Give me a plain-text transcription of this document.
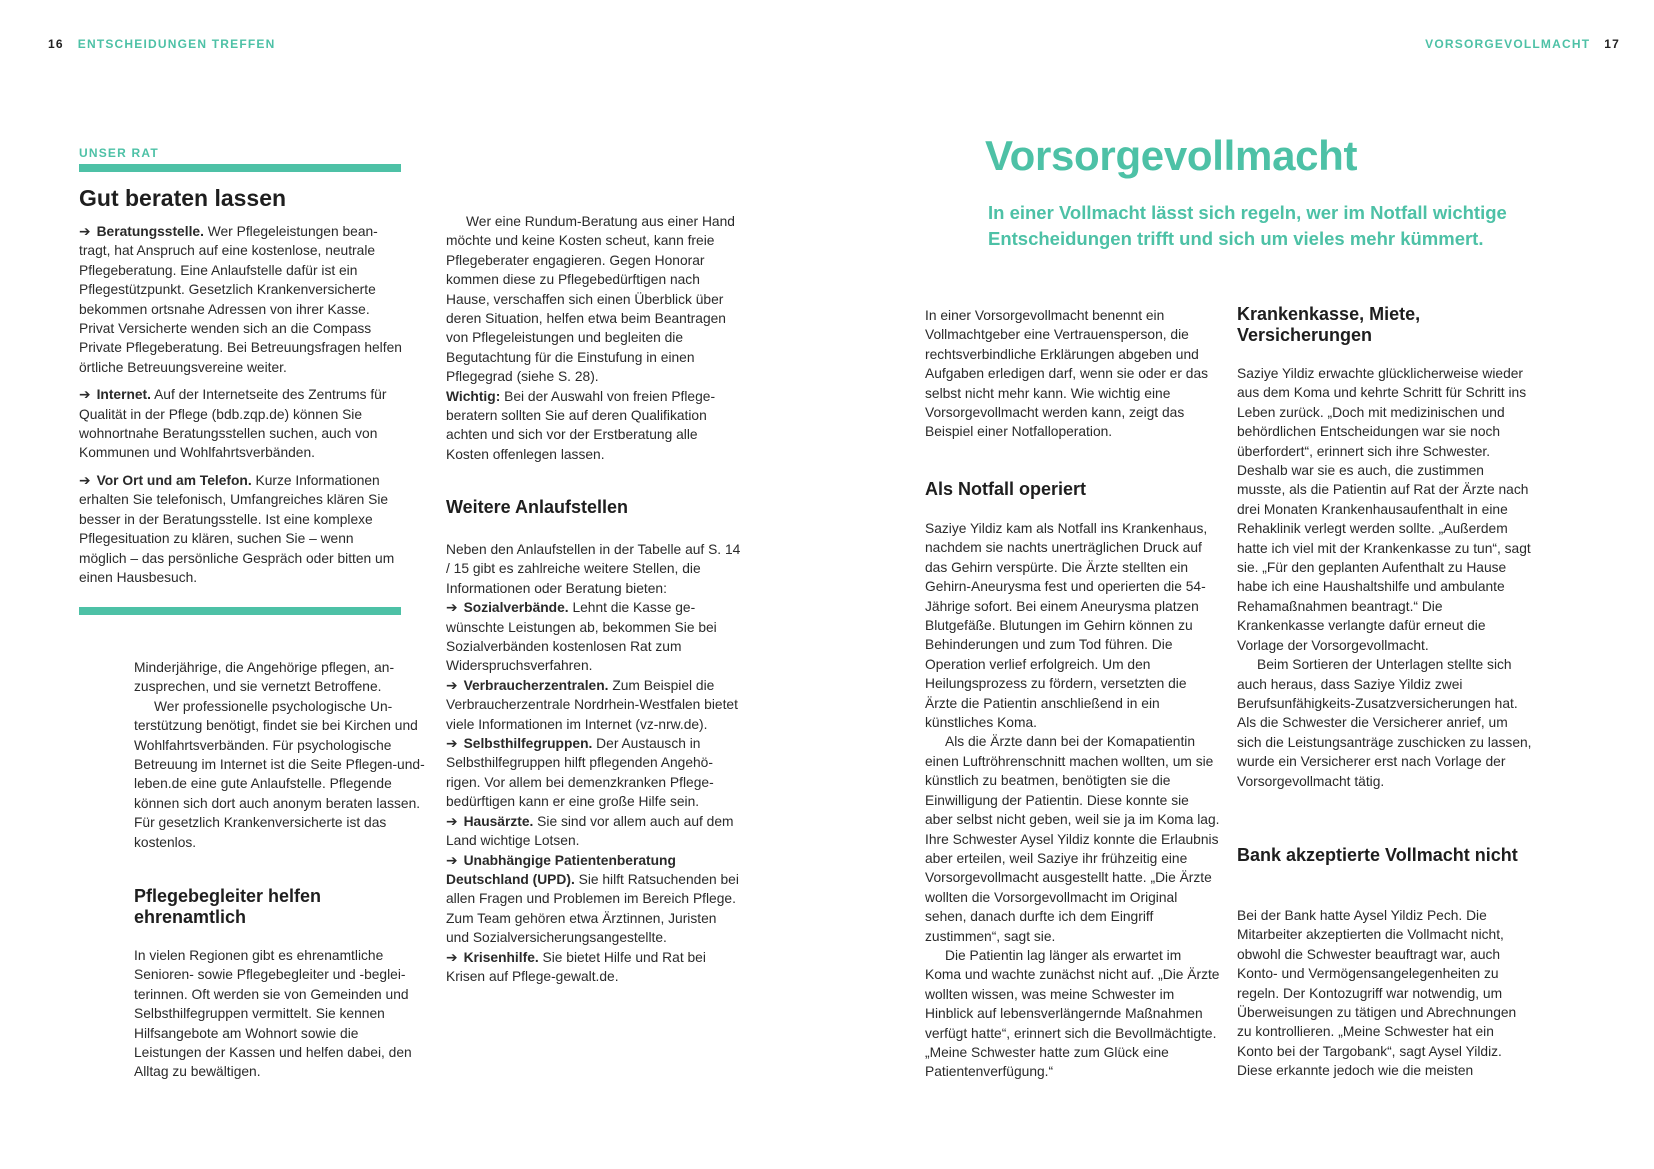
16 ENTSCHEIDUNGEN TREFFEN	VORSORGEVOLLMACHT 17
UNSER RAT
Gut beraten lassen

➔ Beratungsstelle. Wer Pflegeleistungen beantragt, hat Anspruch auf eine kostenlose, neutrale Pflegeberatung. Eine Anlaufstelle dafür ist ein Pflegestützpunkt. Gesetzlich Krankenversicherte bekommen ortsnahe Adressen von ihrer Kasse. Privat Versicherte wenden sich an die Compass Private Pflegeberatung. Bei Betreuungsfragen helfen örtliche Betreuungsvereine weiter.

➔ Internet. Auf der Internetseite des Zentrums für Qualität in der Pflege (bdb.zqp.de) können Sie wohnortnahe Beratungsstellen suchen, auch von Kommunen und Wohlfahrtsverbänden.

➔ Vor Ort und am Telefon. Kurze Informationen erhalten Sie telefonisch, Umfangreiches klären Sie besser in der Beratungsstelle. Ist eine komplexe Pflegesituation zu klären, suchen Sie – wenn möglich – das persönliche Gespräch oder bitten um einen Hausbesuch.

Minderjährige, die Angehörige pflegen, anzusprechen, und sie vernetzt Betroffene.

Wer professionelle psychologische Unterstützung benötigt, findet sie bei Kirchen und Wohlfahrtsverbänden. Für psychologische Betreuung im Internet ist die Seite Pflegen-und-leben.de eine gute Anlaufstelle. Pflegende können sich dort auch anonym beraten lassen. Für gesetzlich Krankenversicherte ist das kostenlos.

Pflegebegleiter helfen ehrenamtlich

In vielen Regionen gibt es ehrenamtliche Senioren- sowie Pflegebegleiter und -begleiterinnen. Oft werden sie von Gemeinden und Selbsthilfegruppen vermittelt. Sie kennen Hilfsangebote am Wohnort sowie die Leistungen der Kassen und helfen dabei, den Alltag zu bewältigen.

Wer eine Rundum-Beratung aus einer Hand möchte und keine Kosten scheut, kann freie Pflegeberater engagieren. Gegen Honorar kommen diese zu Pflegebedürftigen nach Hause, verschaffen sich einen Überblick über deren Situation, helfen etwa beim Beantragen von Pflegeleistungen und begleiten die Begutachtung für die Einstufung in einen Pflegegrad (siehe S. 28).

Wichtig: Bei der Auswahl von freien Pflegeberatern sollten Sie auf deren Qualifikation achten und sich vor der Erstberatung alle Kosten offenlegen lassen.

Weitere Anlaufstellen

Neben den Anlaufstellen in der Tabelle auf S. 14 / 15 gibt es zahlreiche weitere Stellen, die Informationen oder Beratung bieten:

➔ Sozialverbände. Lehnt die Kasse gewünschte Leistungen ab, bekommen Sie bei Sozialverbänden kostenlosen Rat zum Widerspruchsverfahren.

➔ Verbraucherzentralen. Zum Beispiel die Verbraucherzentrale Nordrhein-Westfalen bietet viele Informationen im Internet (vz-nrw.de).

➔ Selbsthilfegruppen. Der Austausch in Selbsthilfegruppen hilft pflegenden Angehörigen. Vor allem bei demenzkranken Pflegebedürftigen kann er eine große Hilfe sein.

➔ Hausärzte. Sie sind vor allem auch auf dem Land wichtige Lotsen.

➔ Unabhängige Patientenberatung Deutschland (UPD). Sie hilft Ratsuchenden bei allen Fragen und Problemen im Bereich Pflege. Zum Team gehören etwa Ärztinnen, Juristen und Sozialversicherungsangestellte.

➔ Krisenhilfe. Sie bietet Hilfe und Rat bei Krisen auf Pflege-gewalt.de.

Vorsorgevollmacht
In einer Vollmacht lässt sich regeln, wer im Notfall wichtige Entscheidungen trifft und sich um vieles mehr kümmert.

In einer Vorsorgevollmacht benennt ein Vollmachtgeber eine Vertrauensperson, die rechtsverbindliche Erklärungen abgeben und Aufgaben erledigen darf, wenn sie oder er das selbst nicht mehr kann. Wie wichtig eine Vorsorgevollmacht werden kann, zeigt das Beispiel einer Notfalloperation.

Als Notfall operiert

Saziye Yildiz kam als Notfall ins Krankenhaus, nachdem sie nachts unerträglichen Druck auf das Gehirn verspürte. Die Ärzte stellten ein Gehirn-Aneurysma fest und operierten die 54-Jährige sofort. Bei einem Aneurysma platzen Blutgefäße. Blutungen im Gehirn können zu Behinderungen und zum Tod führen. Die Operation verlief erfolgreich. Um den Heilungsprozess zu fördern, versetzten die Ärzte die Patientin anschließend in ein künstliches Koma.

Als die Ärzte dann bei der Komapatientin einen Luftröhrenschnitt machen wollten, um sie künstlich zu beatmen, benötigten sie die Einwilligung der Patientin. Diese konnte sie aber selbst nicht geben, weil sie ja im Koma lag. Ihre Schwester Aysel Yildiz konnte die Erlaubnis aber erteilen, weil Saziye ihr frühzeitig eine Vorsorgevollmacht ausgestellt hatte. „Die Ärzte wollten die Vorsorgevollmacht im Original sehen, danach durfte ich dem Eingriff zustimmen“, sagt sie.

Die Patientin lag länger als erwartet im Koma und wachte zunächst nicht auf. „Die Ärzte wollten wissen, was meine Schwester im Hinblick auf lebensverlängernde Maßnahmen verfügt hatte“, erinnert sich die Bevollmächtigte. „Meine Schwester hatte zum Glück eine Patientenverfügung.“

Krankenkasse, Miete, Versicherungen

Saziye Yildiz erwachte glücklicherweise wieder aus dem Koma und kehrte Schritt für Schritt ins Leben zurück. „Doch mit medizinischen und behördlichen Entscheidungen war sie noch überfordert“, erinnert sich ihre Schwester. Deshalb war sie es auch, die zustimmen musste, als die Patientin auf Rat der Ärzte nach drei Monaten Krankenhausaufenthalt in eine Rehaklinik verlegt werden sollte. „Außerdem hatte ich viel mit der Krankenkasse zu tun“, sagt sie. „Für den geplanten Aufenthalt zu Hause habe ich eine Haushaltshilfe und ambulante Rehamaßnahmen beantragt.“ Die Krankenkasse verlangte dafür erneut die Vorlage der Vorsorgevollmacht.

Beim Sortieren der Unterlagen stellte sich auch heraus, dass Saziye Yildiz zwei Berufsunfähigkeits-Zusatzversicherungen hat. Als die Schwester die Versicherer anrief, um sich die Leistungsanträge zuschicken zu lassen, wurde ein Versicherer erst nach Vorlage der Vorsorgevollmacht tätig.

Bank akzeptierte Vollmacht nicht

Bei der Bank hatte Aysel Yildiz Pech. Die Mitarbeiter akzeptierten die Vollmacht nicht, obwohl die Schwester beauftragt war, auch Konto- und Vermögensangelegenheiten zu regeln. Der Kontozugriff war notwendig, um Überweisungen zu tätigen und Abrechnungen zu kontrollieren. „Meine Schwester hat ein Konto bei der Targobank“, sagt Aysel Yildiz. Diese erkannte jedoch wie die meisten
